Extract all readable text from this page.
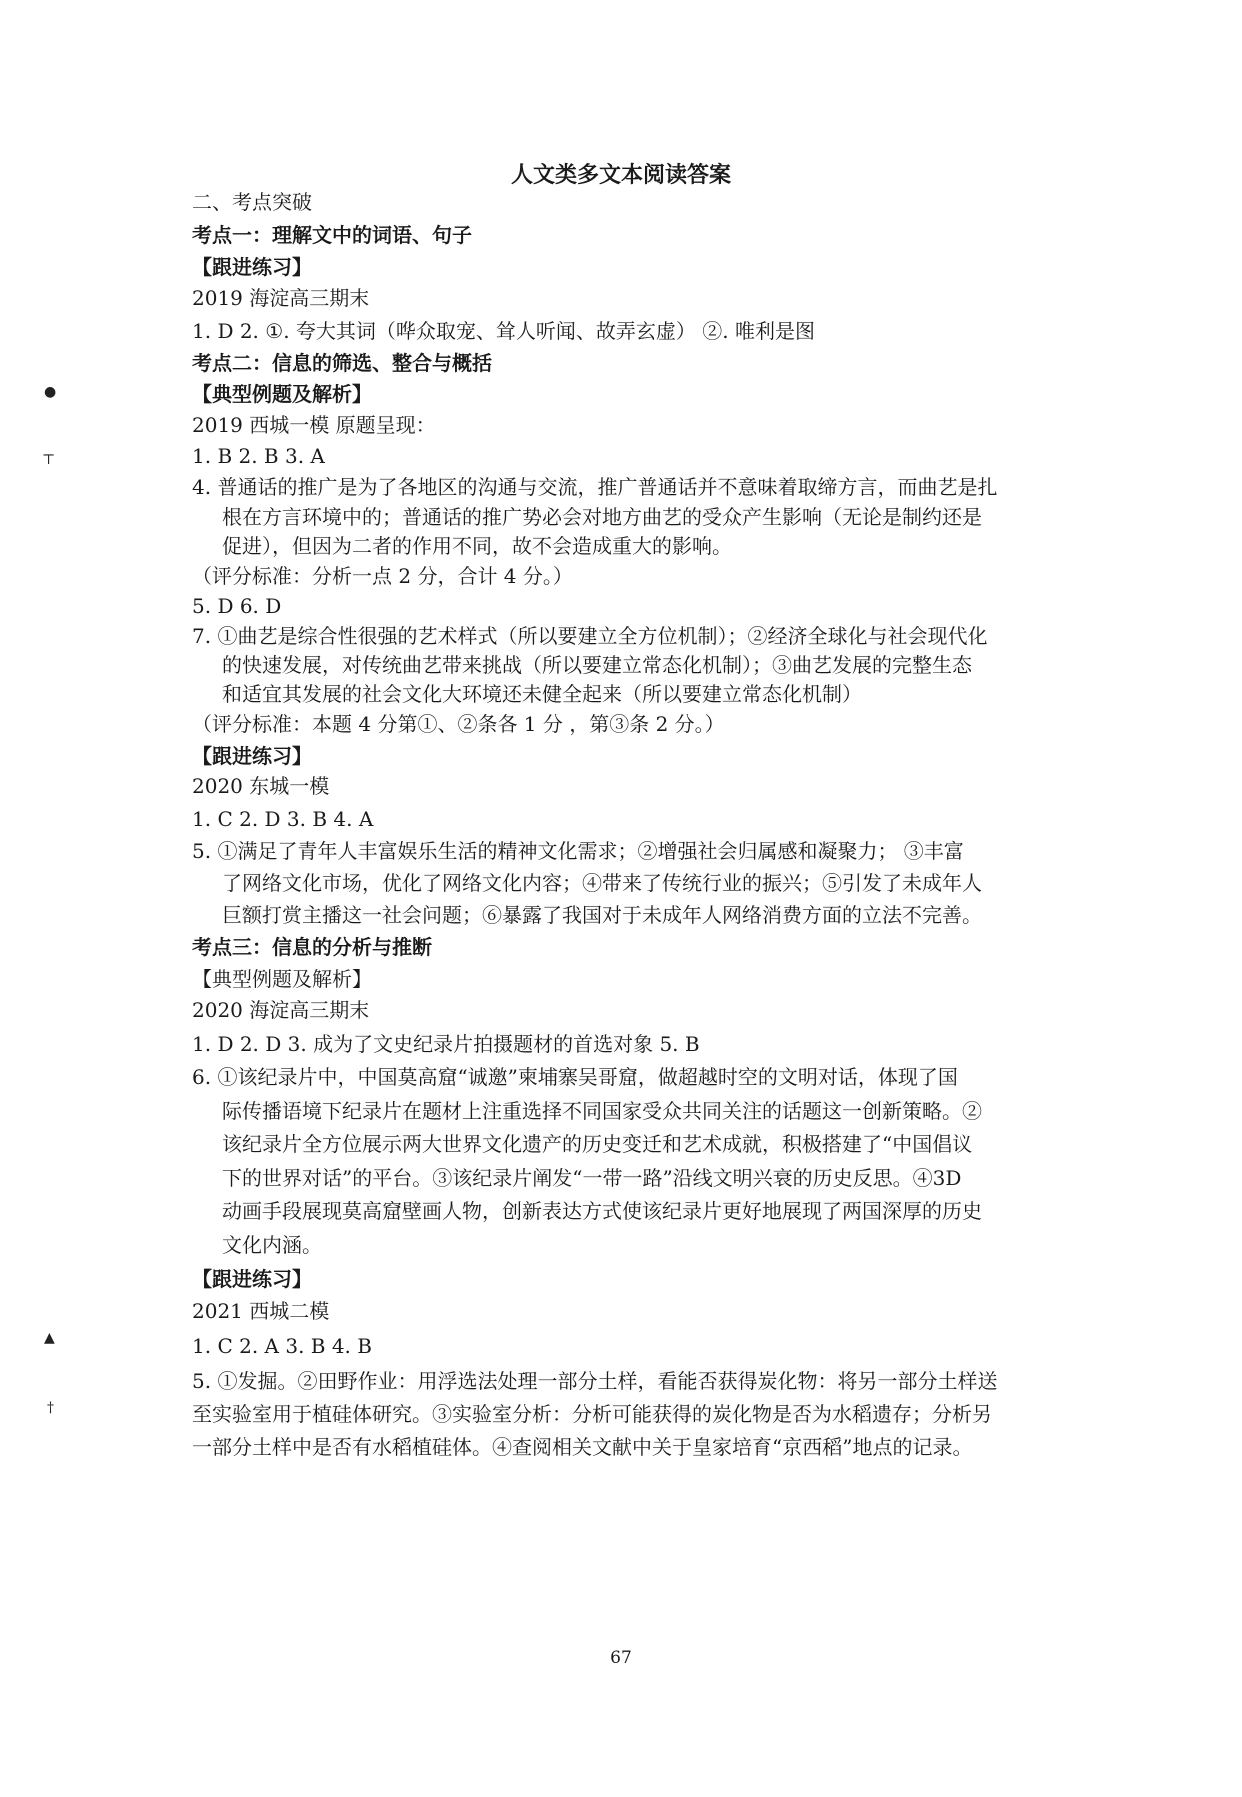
人文类多文本阅读答案
二、考点突破
考点一：理解文中的词语、句子
【跟进练习】
2019 海淀高三期末
1. D 2. ①. 夸大其词（哗众取宠、耸人听闻、故弄玄虚） ②. 唯利是图
考点二：信息的筛选、整合与概括
【典型例题及解析】
2019 西城一模 原题呈现：
1. B 2. B 3. A
4. 普通话的推广是为了各地区的沟通与交流，推广普通话并不意味着取缔方言，而曲艺是扎
根在方言环境中的；普通话的推广势必会对地方曲艺的受众产生影响（无论是制约还是
促进），但因为二者的作用不同，故不会造成重大的影响。
（评分标准：分析一点 2 分，合计 4 分。）
5. D 6. D
7. ①曲艺是综合性很强的艺术样式（所以要建立全方位机制）；②经济全球化与社会现代化
的快速发展，对传统曲艺带来挑战（所以要建立常态化机制）；③曲艺发展的完整生态
和适宜其发展的社会文化大环境还未健全起来（所以要建立常态化机制）
（评分标准：本题 4 分第①、②条各 1 分 ，第③条 2 分。）
【跟进练习】
2020 东城一模
1. C 2. D 3. B 4. A
5. ①满足了青年人丰富娱乐生活的精神文化需求；②增强社会归属感和凝聚力； ③丰富
了网络文化市场，优化了网络文化内容；④带来了传统行业的振兴；⑤引发了未成年人
巨额打赏主播这一社会问题；⑥暴露了我国对于未成年人网络消费方面的立法不完善。
考点三：信息的分析与推断
【典型例题及解析】
2020 海淀高三期末
1. D 2. D 3. 成为了文史纪录片拍摄题材的首选对象 5. B
6. ①该纪录片中，中国莫高窟“诚邀”柬埔寨吴哥窟，做超越时空的文明对话，体现了国
际传播语境下纪录片在题材上注重选择不同国家受众共同关注的话题这一创新策略。②
该纪录片全方位展示两大世界文化遗产的历史变迁和艺术成就，积极搭建了“中国倡议
下的世界对话”的平台。③该纪录片阐发“一带一路”沿线文明兴衰的历史反思。④3D
动画手段展现莫高窟壁画人物，创新表达方式使该纪录片更好地展现了两国深厚的历史
文化内涵。
【跟进练习】
2021 西城二模
1. C 2. A 3. B 4. B
5. ①发掘。②田野作业：用浮选法处理一部分土样，看能否获得炭化物：将另一部分土样送
至实验室用于植硅体研究。③实验室分析：分析可能获得的炭化物是否为水稻遗存；分析另
一部分土样中是否有水稻植硅体。④查阅相关文献中关于皇家培育“京西稻”地点的记录。
67
●
⊤
▲
†
